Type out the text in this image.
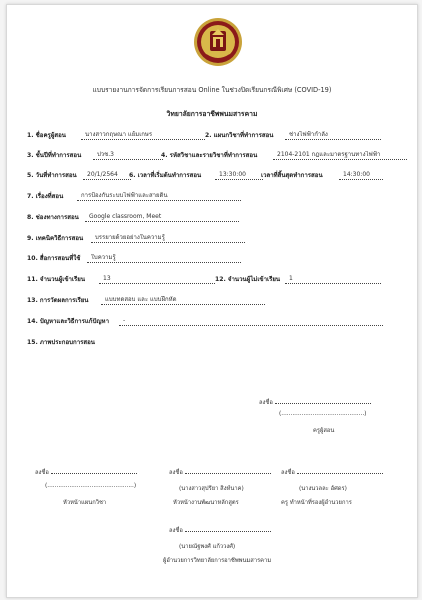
แบบรายงานการจัดการเรียนการสอน Online ในช่วงปิดเรียนกรณีพิเศษ (COVID-19)
วิทยาลัยการอาชีพพนมสารคาม
1. ชื่อครูผู้สอน	นางสาวกฤษณา แย้มเกษร	2. แผนกวิชาที่ทำการสอน	ช่างไฟฟ้ากำลัง
3. ชั้นปีที่ทำการสอน	ปวช.3	4. รหัสวิชาและรายวิชาที่ทำการสอน	2104-2101 กฎและมาตรฐานทางไฟฟ้า
5. วันที่ทำการสอน	20/1/2564	6. เวลาที่เริ่มต้นทำการสอน	13:30:00	เวลาที่สิ้นสุดทำการสอน	14:30:00
7. เรื่องที่สอน	การป้องกันระบบไฟฟ้าและสายดิน
8. ช่องทางการสอน	Google classroom, Meet
9. เทคนิควิธีการสอน	บรรยายด้วยอย่างในความรู้
10. สื่อการสอนที่ใช้	ใบความรู้
11. จำนวนผู้เข้าเรียน	13	12. จำนวนผู้ไม่เข้าเรียน	1
13. การวัดผลการเรียน	แบบทดสอบ และ แบบฝึกหัด
14. ปัญหาและวิธีการแก้ปัญหา	-
15. ภาพประกอบการสอน
ลงชื่อ
(.............................................)
ครูผู้สอน
ลงชื่อ
(...............................................)
หัวหน้าแผนกวิชา
ลงชื่อ
(นางสาวสุปรียา สิงห์นาค)
หัวหน้างานพัฒนาหลักสูตร
ลงชื่อ
(นางนวลละ อัศดร)
ครู ทำหน้าที่รองผู้อำนวยการ
ลงชื่อ
(นายณัฐพงศ์ แก้ววงศ์)
ผู้อำนวยการวิทยาลัยการอาชีพพนมสารคาม
